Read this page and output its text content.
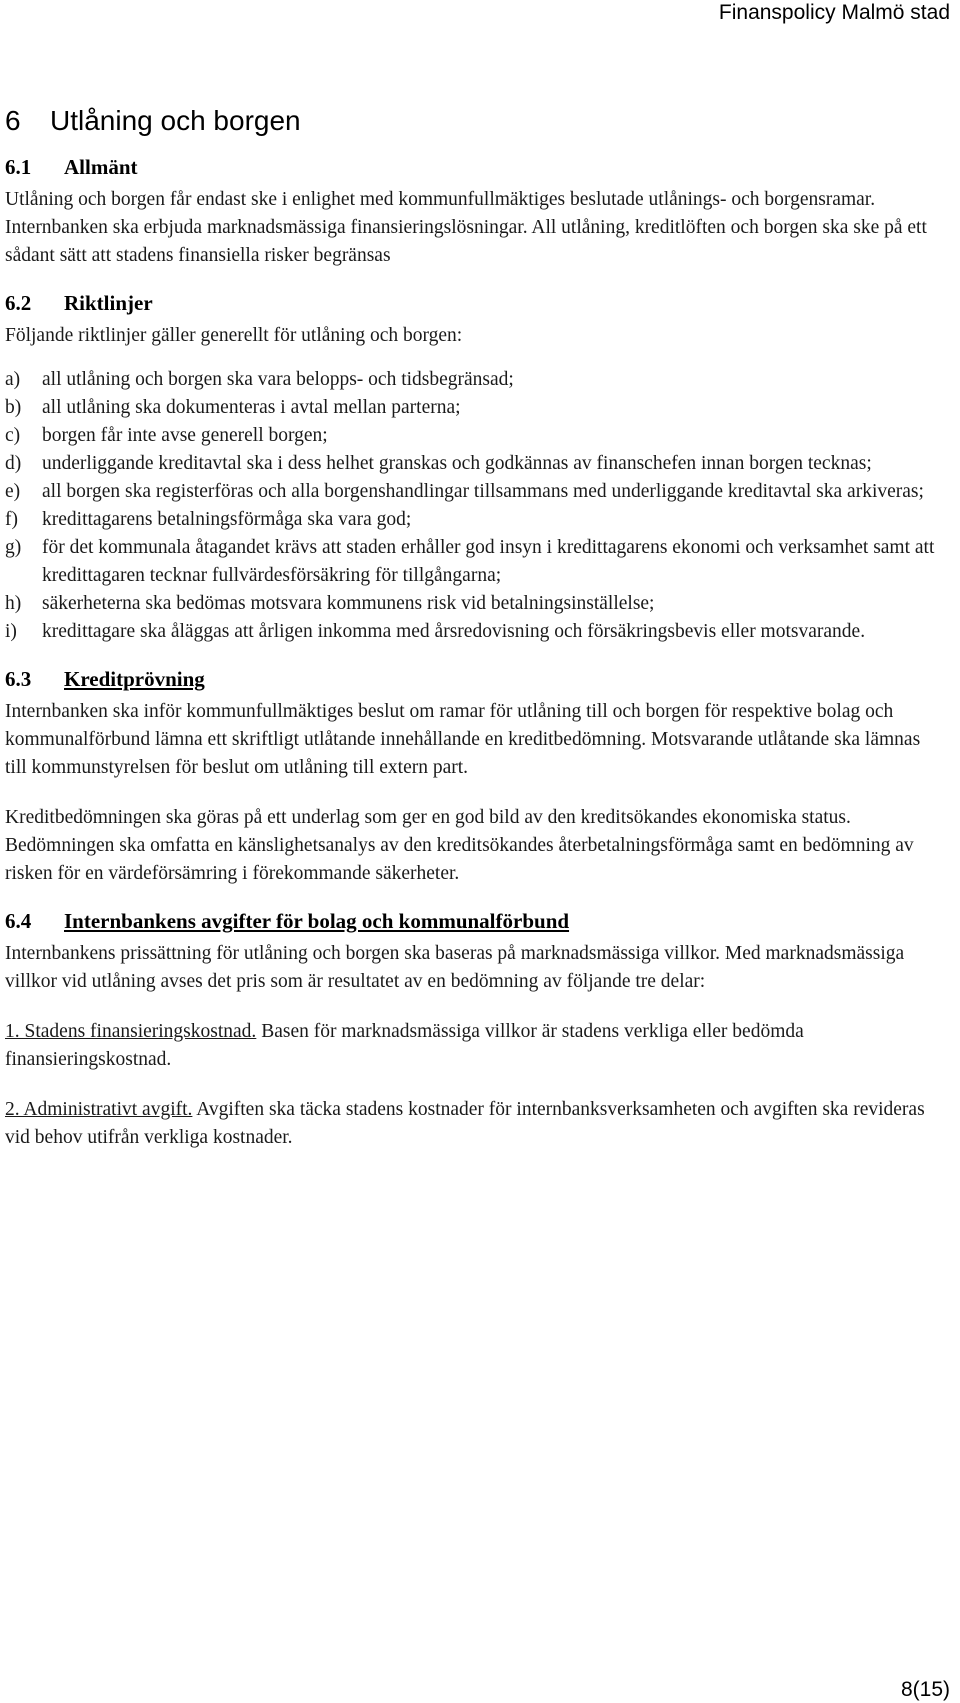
Finanspolicy Malmö stad
6 Utlåning och borgen
6.1 Allmänt

Utlåning och borgen får endast ske i enlighet med kommunfullmäktiges beslutade utlånings- och borgensramar. Internbanken ska erbjuda marknadsmässiga finansieringslösningar. All utlåning, kreditlöften och borgen ska ske på ett sådant sätt att stadens finansiella risker begränsas

6.2 Riktlinjer

Följande riktlinjer gäller generellt för utlåning och borgen:

a)	all utlåning och borgen ska vara belopps- och tidsbegränsad;
b)	all utlåning ska dokumenteras i avtal mellan parterna;
c)	borgen får inte avse generell borgen;
d)	underliggande kreditavtal ska i dess helhet granskas och godkännas av finanschefen innan borgen tecknas;
e)	all borgen ska registerföras och alla borgenshandlingar tillsammans med underliggande kreditavtal ska arkiveras;
f)	kredittagarens betalningsförmåga ska vara god;
g)	för det kommunala åtagandet krävs att staden erhåller god insyn i kredittagarens ekonomi och verksamhet samt att kredittagaren tecknar fullvärdesförsäkring för tillgångarna;
h)	säkerheterna ska bedömas motsvara kommunens risk vid betalningsinställelse;
i)	kredittagare ska åläggas att årligen inkomma med årsredovisning och försäkringsbevis eller motsvarande.
6.3 Kreditprövning

Internbanken ska inför kommunfullmäktiges beslut om ramar för utlåning till och borgen för respektive bolag och kommunalförbund lämna ett skriftligt utlåtande innehållande en kreditbedömning. Motsvarande utlåtande ska lämnas till kommunstyrelsen för beslut om utlåning till extern part.

Kreditbedömningen ska göras på ett underlag som ger en god bild av den kreditsökandes ekonomiska status. Bedömningen ska omfatta en känslighetsanalys av den kreditsökandes återbetalningsförmåga samt en bedömning av risken för en värdeförsämring i förekommande säkerheter.

6.4 Internbankens avgifter för bolag och kommunalförbund

Internbankens prissättning för utlåning och borgen ska baseras på marknadsmässiga villkor. Med marknadsmässiga villkor vid utlåning avses det pris som är resultatet av en bedömning av följande tre delar:

1. Stadens finansieringskostnad. Basen för marknadsmässiga villkor är stadens verkliga eller bedömda finansieringskostnad.

2. Administrativt avgift. Avgiften ska täcka stadens kostnader för internbanksverksamheten och avgiften ska revideras vid behov utifrån verkliga kostnader.

8(15)
